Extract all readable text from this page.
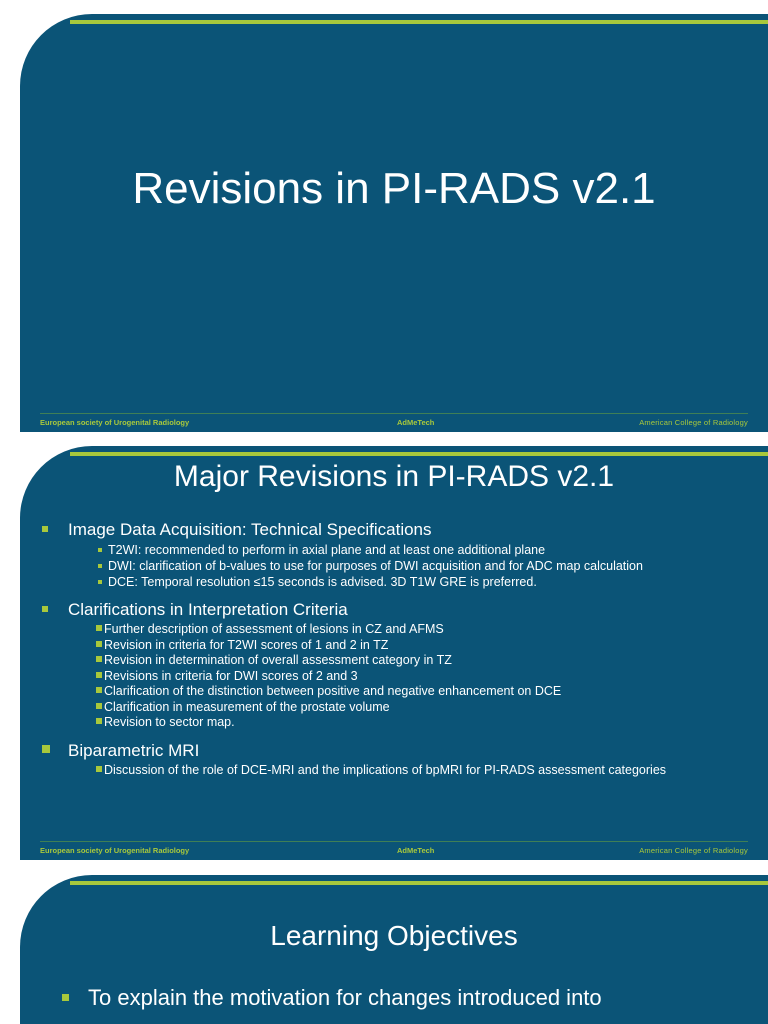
Revisions in PI-RADS v2.1
European society of Urogenital Radiology	AdMeTech	American College of Radiology
Major Revisions in PI-RADS v2.1
Image Data Acquisition: Technical Specifications
T2WI: recommended to perform in axial plane and at least one additional plane
DWI: clarification of b-values to use for purposes of DWI acquisition and for ADC map calculation
DCE: Temporal resolution ≤15 seconds is advised. 3D T1W GRE is preferred.
Clarifications in Interpretation Criteria
Further description of assessment of lesions in CZ and AFMS
Revision in criteria for T2WI scores of 1 and 2 in TZ
Revision in determination of overall assessment category in TZ
Revisions in criteria for DWI scores of 2 and 3
Clarification of the distinction between positive and negative enhancement on DCE
Clarification in measurement of the prostate volume
Revision to sector map.
Biparametric MRI
Discussion of the role of DCE-MRI and the implications of bpMRI for PI-RADS assessment categories
European society of Urogenital Radiology	AdMeTech	American College of Radiology
Learning Objectives
To explain the motivation for changes introduced into
